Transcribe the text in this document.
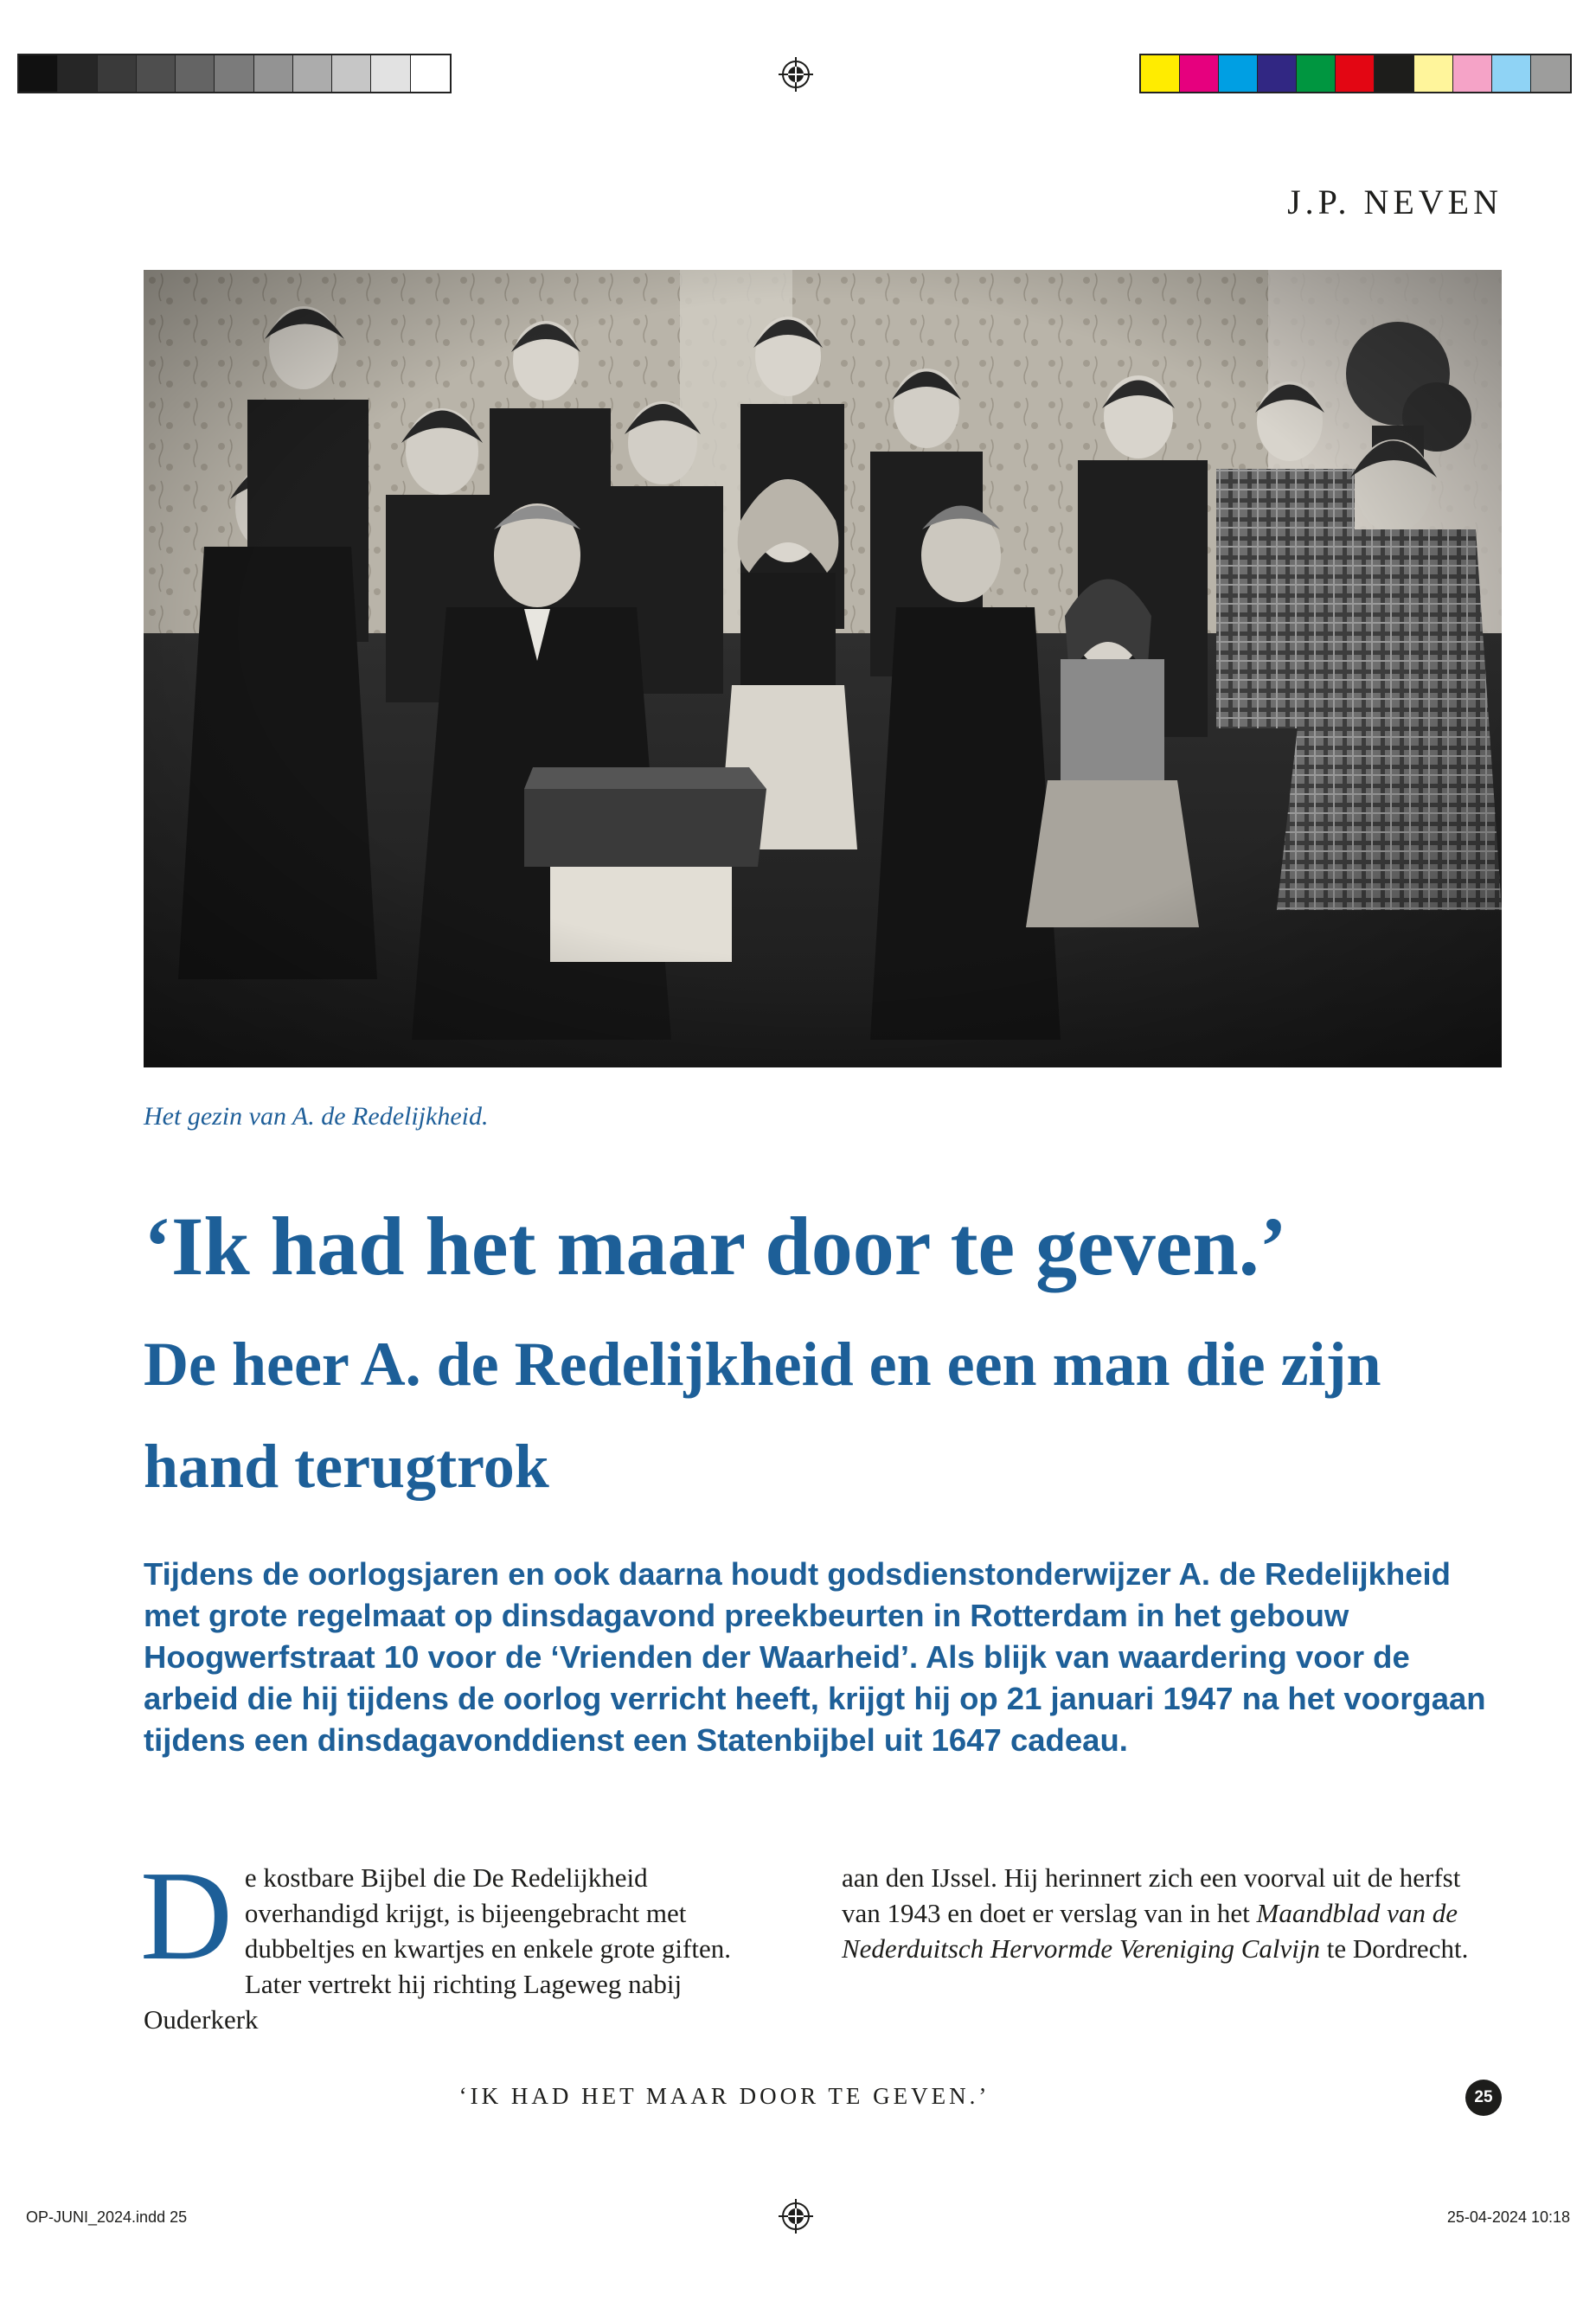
J.P. NEVEN
Het gezin van A. de Redelijkheid.
‘Ik had het maar door te geven.’
De heer A. de Redelijkheid en een man die zijn hand terugtrok
Tijdens de oorlogsjaren en ook daarna houdt godsdienstonderwijzer A. de Redelijkheid met grote regelmaat op dinsdagavond preekbeurten in Rotterdam in het gebouw Hoogwerfstraat 10 voor de ‘Vrienden der Waarheid’. Als blijk van waardering voor de arbeid die hij tijdens de oorlog verricht heeft, krijgt hij op 21 januari 1947 na het voorgaan tijdens een dinsdagavonddienst een Statenbijbel uit 1647 cadeau.
De kostbare Bijbel die De Redelijkheid overhandigd krijgt, is bijeengebracht met dubbeltjes en kwartjes en enkele grote giften. Later vertrekt hij richting Lageweg nabij Ouderkerk
aan den IJssel. Hij herinnert zich een voorval uit de herfst van 1943 en doet er verslag van in het Maandblad van de Nederduitsch Hervormde Vereniging Calvijn te Dordrecht.
‘IK HAD HET MAAR DOOR TE GEVEN.’	25
OP-JUNI_2024.indd 25	25-04-2024 10:18
